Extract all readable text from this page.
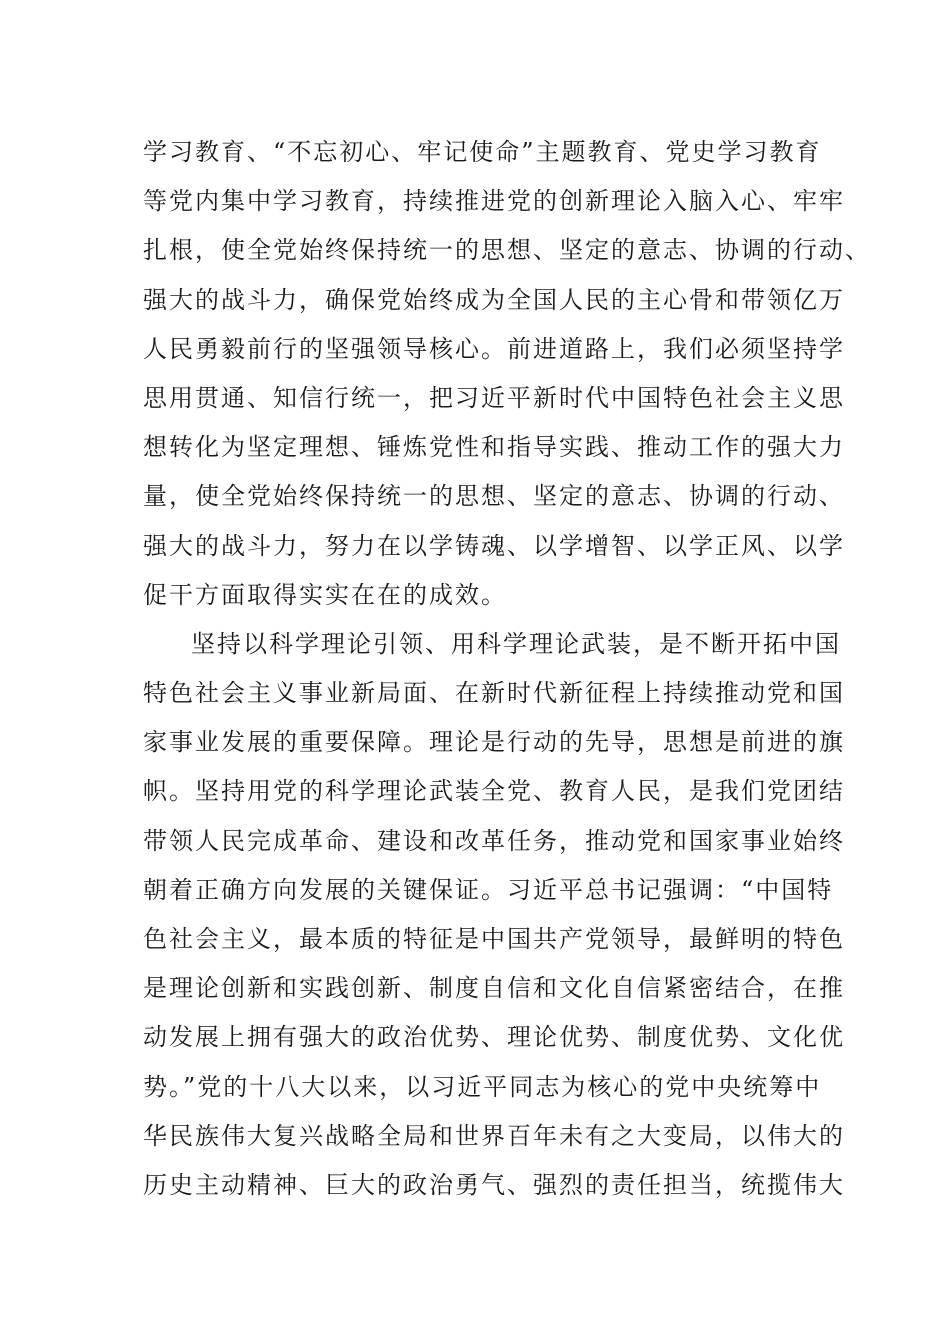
学习教育、“不忘初心、牢记使命”主题教育、党史学习教育
等党内集中学习教育，持续推进党的创新理论入脑入心、牢牢
扎根，使全党始终保持统一的思想、坚定的意志、协调的行动、
强大的战斗力，确保党始终成为全国人民的主心骨和带领亿万
人民勇毅前行的坚强领导核心。前进道路上，我们必须坚持学
思用贯通、知信行统一，把习近平新时代中国特色社会主义思
想转化为坚定理想、锤炼党性和指导实践、推动工作的强大力
量，使全党始终保持统一的思想、坚定的意志、协调的行动、
强大的战斗力，努力在以学铸魂、以学增智、以学正风、以学
促干方面取得实实在在的成效。
坚持以科学理论引领、用科学理论武装，是不断开拓中国
特色社会主义事业新局面、在新时代新征程上持续推动党和国
家事业发展的重要保障。理论是行动的先导，思想是前进的旗
帜。坚持用党的科学理论武装全党、教育人民，是我们党团结
带领人民完成革命、建设和改革任务，推动党和国家事业始终
朝着正确方向发展的关键保证。习近平总书记强调：“中国特
色社会主义，最本质的特征是中国共产党领导，最鲜明的特色
是理论创新和实践创新、制度自信和文化自信紧密结合，在推
动发展上拥有强大的政治优势、理论优势、制度优势、文化优
势。”党的十八大以来，以习近平同志为核心的党中央统筹中
华民族伟大复兴战略全局和世界百年未有之大变局，以伟大的
历史主动精神、巨大的政治勇气、强烈的责任担当，统揽伟大
